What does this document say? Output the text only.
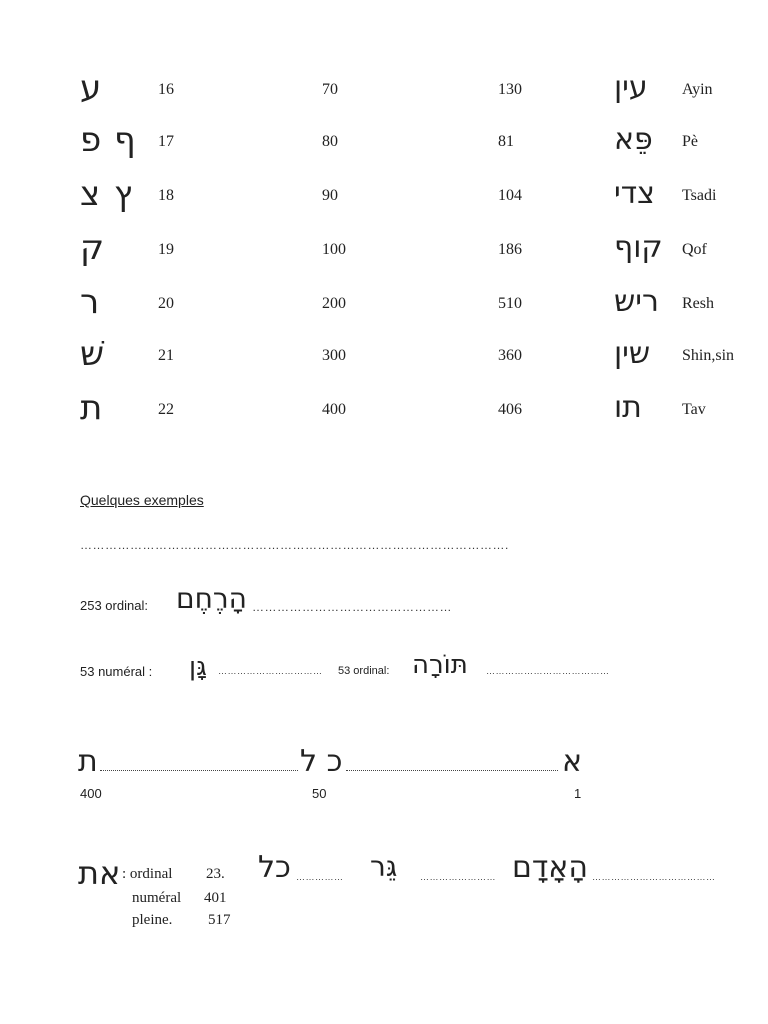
ע	16	70	130	עין Ayin
פ ף 17	80	81	פֵּא Pè
צ ץ 18	90	104	צדי Tsadi
ק	19	100	186	קוף Qof
ר	20	200	510	ריש Resh
שׁ	21	300	360	שין Shin,sin
ת	22	400	406	תו	Tav
Quelques exemples
………………………………………………………………………………………….
253 ordinal: הָרֶחֶם …………………………………………
53 numéral : גָּן …………………………… 53 ordinal: תּוֹרָה …………………………………
ת	כ ל	א
400	50	1
את : ordinal 23.
numéral 401
pleine. 517
כל …………… גֵּר	…………………… הָאָדָם …………………………………
